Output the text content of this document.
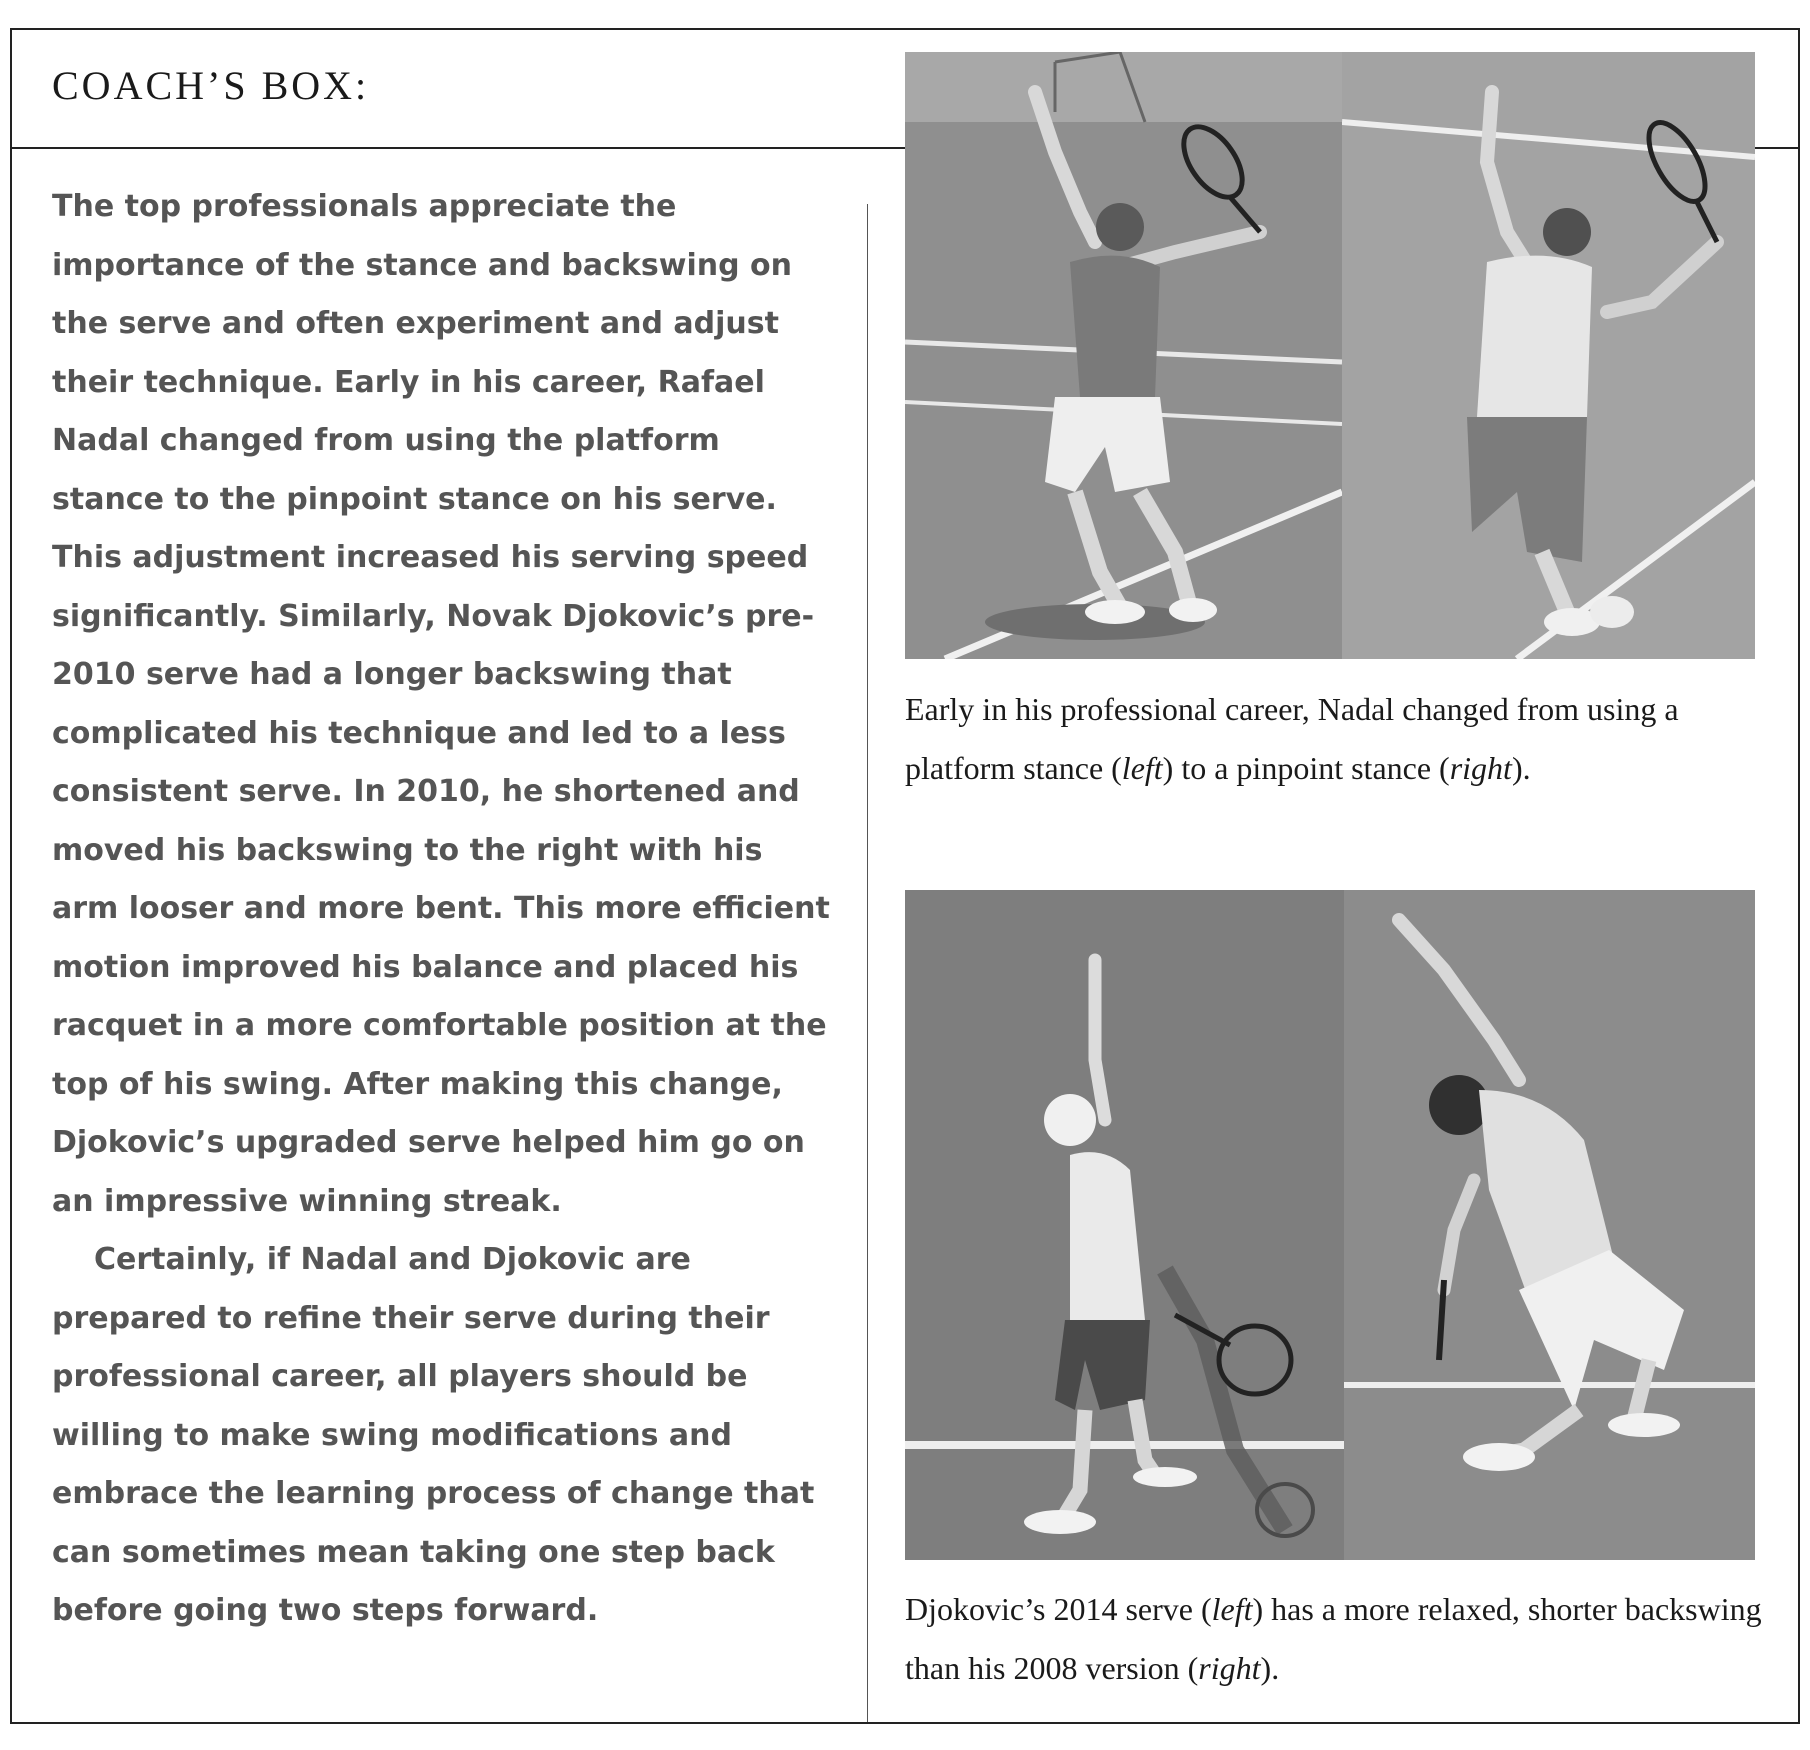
COACH’S BOX:

The top professionals appreciate the importance of the stance and backswing on the serve and often experiment and adjust their technique. Early in his career, Rafael Nadal changed from using the platform stance to the pinpoint stance on his serve. This adjustment increased his serving speed significantly. Similarly, Novak Djokovic’s pre-2010 serve had a longer backswing that complicated his technique and led to a less consistent serve. In 2010, he shortened and moved his backswing to the right with his arm looser and more bent. This more efficient motion improved his balance and placed his racquet in a more comfortable position at the top of his swing. After making this change, Djokovic’s upgraded serve helped him go on an impressive winning streak.

Certainly, if Nadal and Djokovic are prepared to refine their serve during their professional career, all players should be willing to make swing modifications and embrace the learning process of change that can sometimes mean taking one step back before going two steps forward.

Early in his professional career, Nadal changed from using a platform stance (left) to a pinpoint stance (right).

Djokovic’s 2014 serve (left) has a more relaxed, shorter backswing than his 2008 version (right).
